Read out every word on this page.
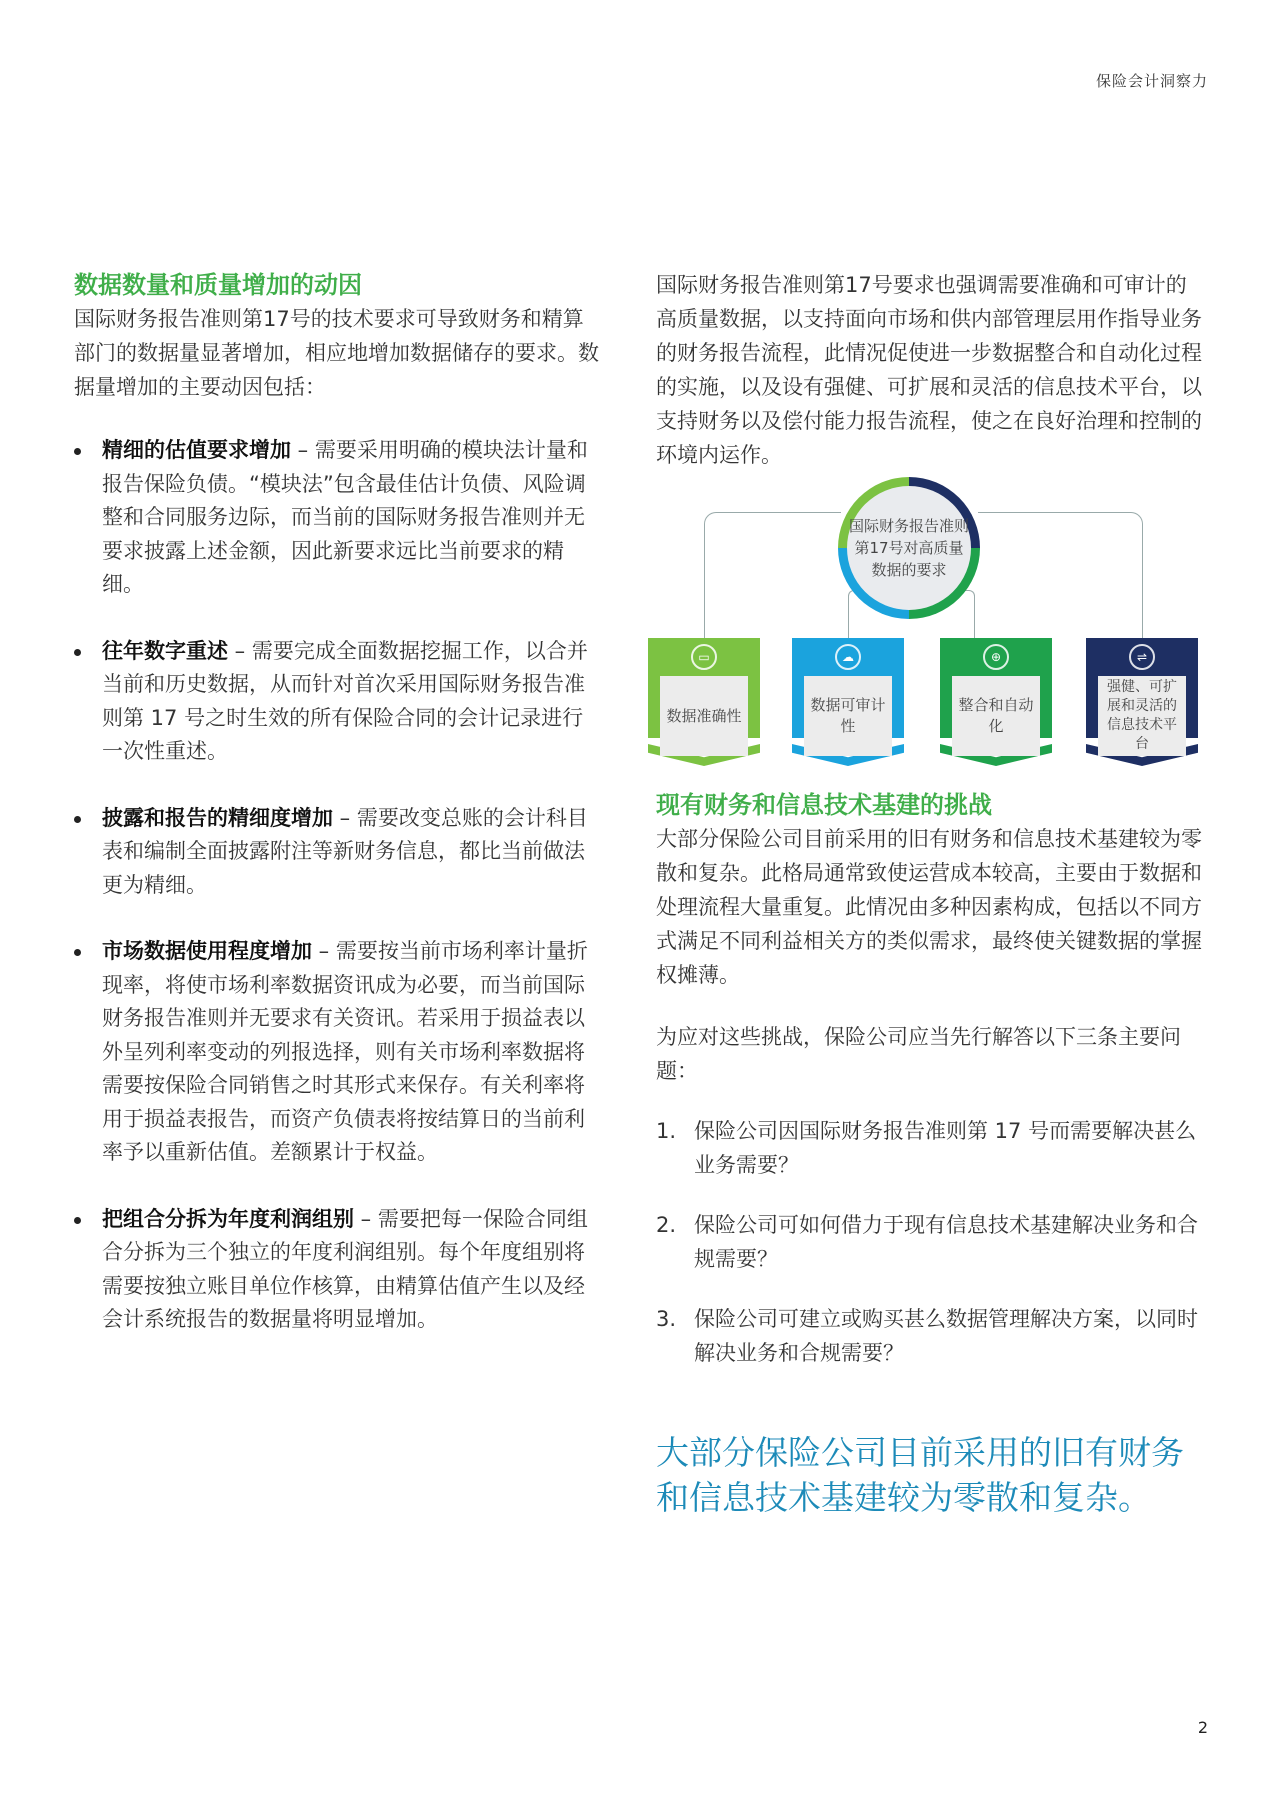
保险会计洞察力
数据数量和质量增加的动因

国际财务报告准则第17号的技术要求可导致财务和精算部门的数据量显著增加，相应地增加数据储存的要求。数据量增加的主要动因包括：

精细的估值要求增加 – 需要采用明确的模块法计量和报告保险负债。“模块法”包含最佳估计负债、风险调整和合同服务边际，而当前的国际财务报告准则并无要求披露上述金额，因此新要求远比当前要求的精细。
往年数字重述 – 需要完成全面数据挖掘工作，以合并当前和历史数据，从而针对首次采用国际财务报告准则第 17 号之时生效的所有保险合同的会计记录进行一次性重述。
披露和报告的精细度增加 – 需要改变总账的会计科目表和编制全面披露附注等新财务信息，都比当前做法更为精细。
市场数据使用程度增加 – 需要按当前市场利率计量折现率，将使市场利率数据资讯成为必要，而当前国际财务报告准则并无要求有关资讯。若采用于损益表以外呈列利率变动的列报选择，则有关市场利率数据将需要按保险合同销售之时其形式来保存。有关利率将用于损益表报告，而资产负债表将按结算日的当前利率予以重新估值。差额累计于权益。
把组合分拆为年度利润组别 – 需要把每一保险合同组合分拆为三个独立的年度利润组别。每个年度组别将需要按独立账目单位作核算，由精算估值产生以及经会计系统报告的数据量将明显增加。

国际财务报告准则第17号要求也强调需要准确和可审计的高质量数据，以支持面向市场和供内部管理层用作指导业务的财务报告流程，此情况促使进一步数据整合和自动化过程的实施，以及设有强健、可扩展和灵活的信息技术平台，以支持财务以及偿付能力报告流程，使之在良好治理和控制的环境内运作。

国际财务报告准则第17号对高质量数据的要求
▭
数据准确性
☁
数据可审计性
⊕
整合和自动化
⇌
强健、可扩展和灵活的信息技术平台
现有财务和信息技术基建的挑战

大部分保险公司目前采用的旧有财务和信息技术基建较为零散和复杂。此格局通常致使运营成本较高，主要由于数据和处理流程大量重复。此情况由多种因素构成，包括以不同方式满足不同利益相关方的类似需求，最终使关键数据的掌握权摊薄。

为应对这些挑战，保险公司应当先行解答以下三条主要问题：

1. 保险公司因国际财务报告准则第 17 号而需要解决甚么业务需要？
2. 保险公司可如何借力于现有信息技术基建解决业务和合规需要？
3. 保险公司可建立或购买甚么数据管理解决方案，以同时解决业务和合规需要？
大部分保险公司目前采用的旧有财务和信息技术基建较为零散和复杂。
2
